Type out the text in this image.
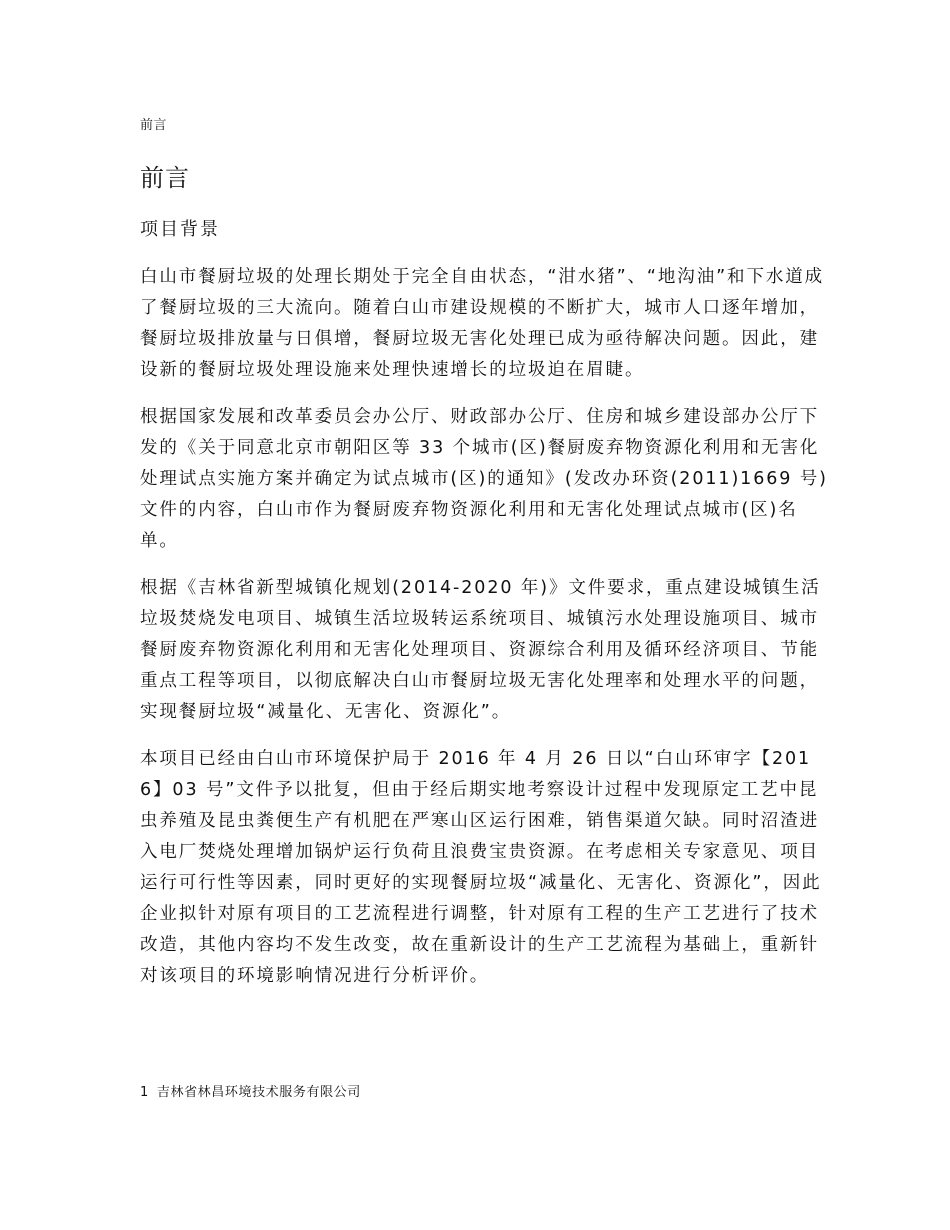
前言
前言
项目背景

白山市餐厨垃圾的处理长期处于完全自由状态，“泔水猪”、“地沟油”和下水道成了餐厨垃圾的三大流向。随着白山市建设规模的不断扩大，城市人口逐年增加，餐厨垃圾排放量与日俱增，餐厨垃圾无害化处理已成为亟待解决问题。因此，建设新的餐厨垃圾处理设施来处理快速增长的垃圾迫在眉睫。

根据国家发展和改革委员会办公厅、财政部办公厅、住房和城乡建设部办公厅下发的《关于同意北京市朝阳区等 33 个城市(区)餐厨废弃物资源化利用和无害化处理试点实施方案并确定为试点城市(区)的通知》(发改办环资(2011)1669 号)文件的内容，白山市作为餐厨废弃物资源化利用和无害化处理试点城市(区)名单。

根据《吉林省新型城镇化规划(2014-2020 年)》文件要求，重点建设城镇生活垃圾焚烧发电项目、城镇生活垃圾转运系统项目、城镇污水处理设施项目、城市餐厨废弃物资源化利用和无害化处理项目、资源综合利用及循环经济项目、节能重点工程等项目，以彻底解决白山市餐厨垃圾无害化处理率和处理水平的问题，实现餐厨垃圾“减量化、无害化、资源化”。

本项目已经由白山市环境保护局于 2016 年 4 月 26 日以“白山环审字【2016】03 号”文件予以批复，但由于经后期实地考察设计过程中发现原定工艺中昆虫养殖及昆虫粪便生产有机肥在严寒山区运行困难，销售渠道欠缺。同时沼渣进入电厂焚烧处理增加锅炉运行负荷且浪费宝贵资源。在考虑相关专家意见、项目运行可行性等因素，同时更好的实现餐厨垃圾“减量化、无害化、资源化”，因此企业拟针对原有项目的工艺流程进行调整，针对原有工程的生产工艺进行了技术改造，其他内容均不发生改变，故在重新设计的生产工艺流程为基础上，重新针对该项目的环境影响情况进行分析评价。

1 吉林省林昌环境技术服务有限公司
